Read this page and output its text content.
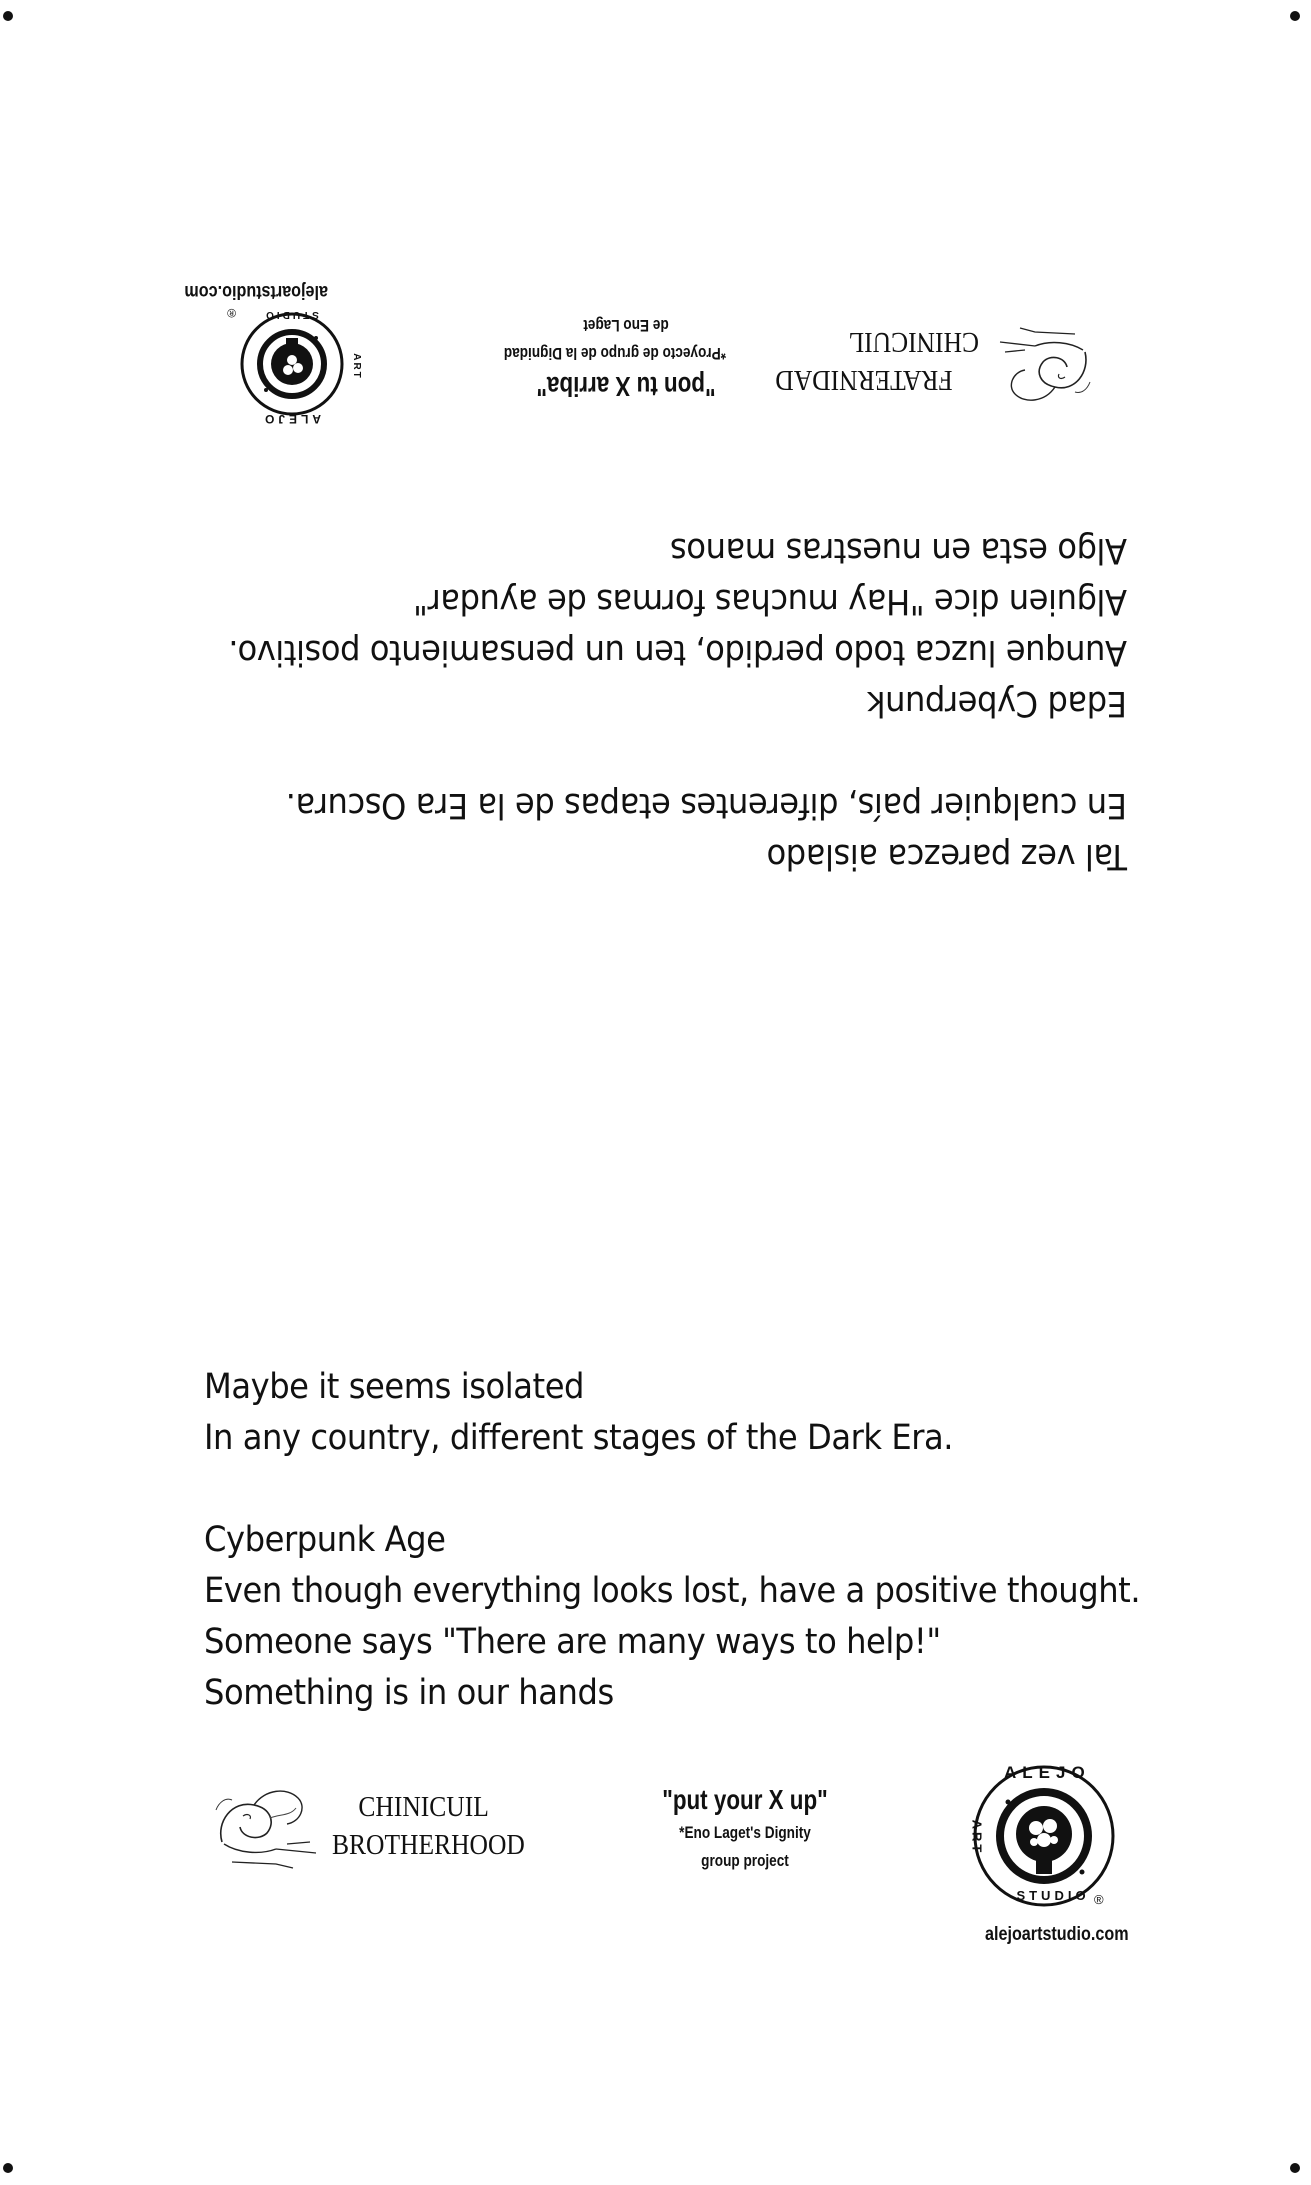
Tal vez parezca aislado
En cualquier país, diferentes etapas de la Era Oscura.
Edad Cyberpunk
Aunque luzca todo perdido, ten un pensamiento positivo.
Alguien dice "Hay muchas formas de ayudar"
Algo esta en nuestras manos
FRATERNIDAD
CHINICUIL
"pon tu X arriba"
*Proyecto de grupo de la Dignidad
de Eno Laget
ALEJO
STUDIO
ART
®
alejoartstudio.com
Maybe it seems isolated
In any country, different stages of the Dark Era.
Cyberpunk Age
Even though everything looks lost, have a positive thought.
Someone says "There are many ways to help!"
Something is in our hands
CHINICUIL
BROTHERHOOD
"put your X up"
*Eno Laget's Dignity
group project
ALEJO
ART
STUDIO ®
alejoartstudio.com
